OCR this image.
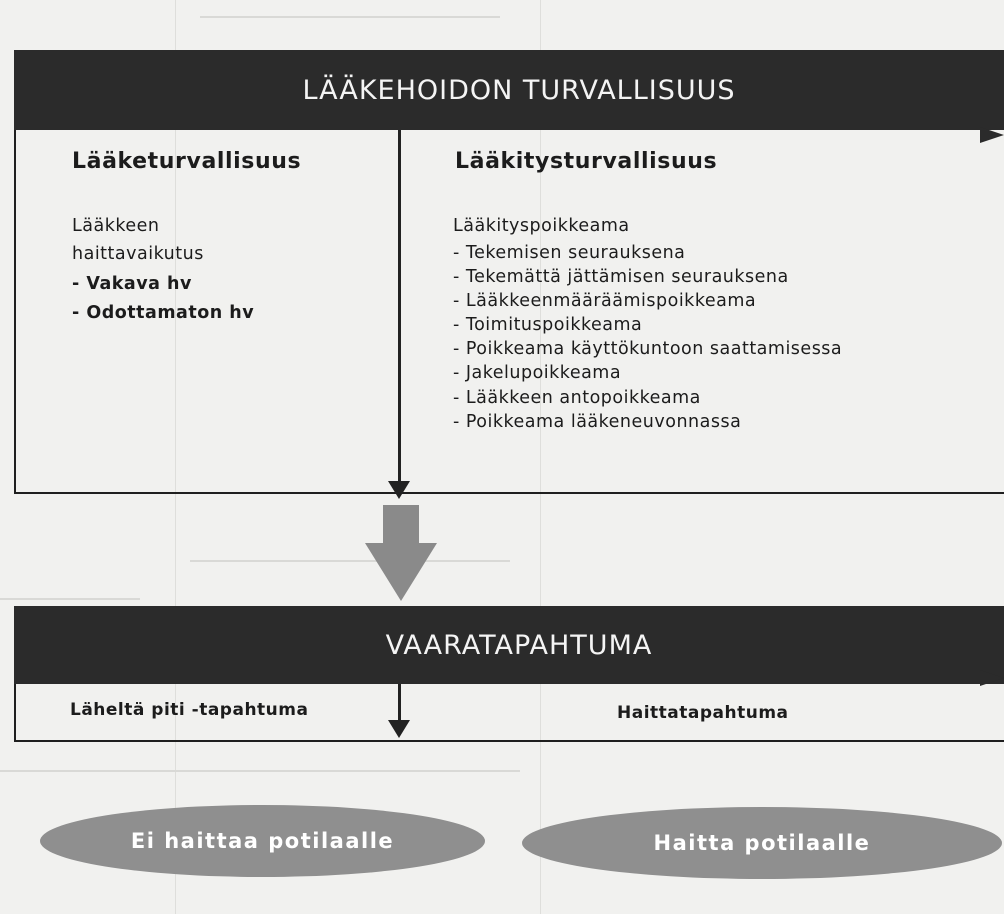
LÄÄKEHOIDON TURVALLISUUS
Lääketurvallisuus
Lääkkeen
haittavaikutus
- Vakava hv
- Odottamaton hv
Lääkitysturvallisuus
Lääkityspoikkeama
- Tekemisen seurauksena
- Tekemättä jättämisen seurauksena
- Lääkkeenmääräämispoikkeama
- Toimituspoikkeama
- Poikkeama käyttökuntoon saattamisessa
- Jakelupoikkeama
- Lääkkeen antopoikkeama
- Poikkeama lääkeneuvonnassa
VAARATAPAHTUMA
Läheltä piti -tapahtuma	Haittatapahtuma
Ei haittaa potilaalle	Haitta potilaalle
